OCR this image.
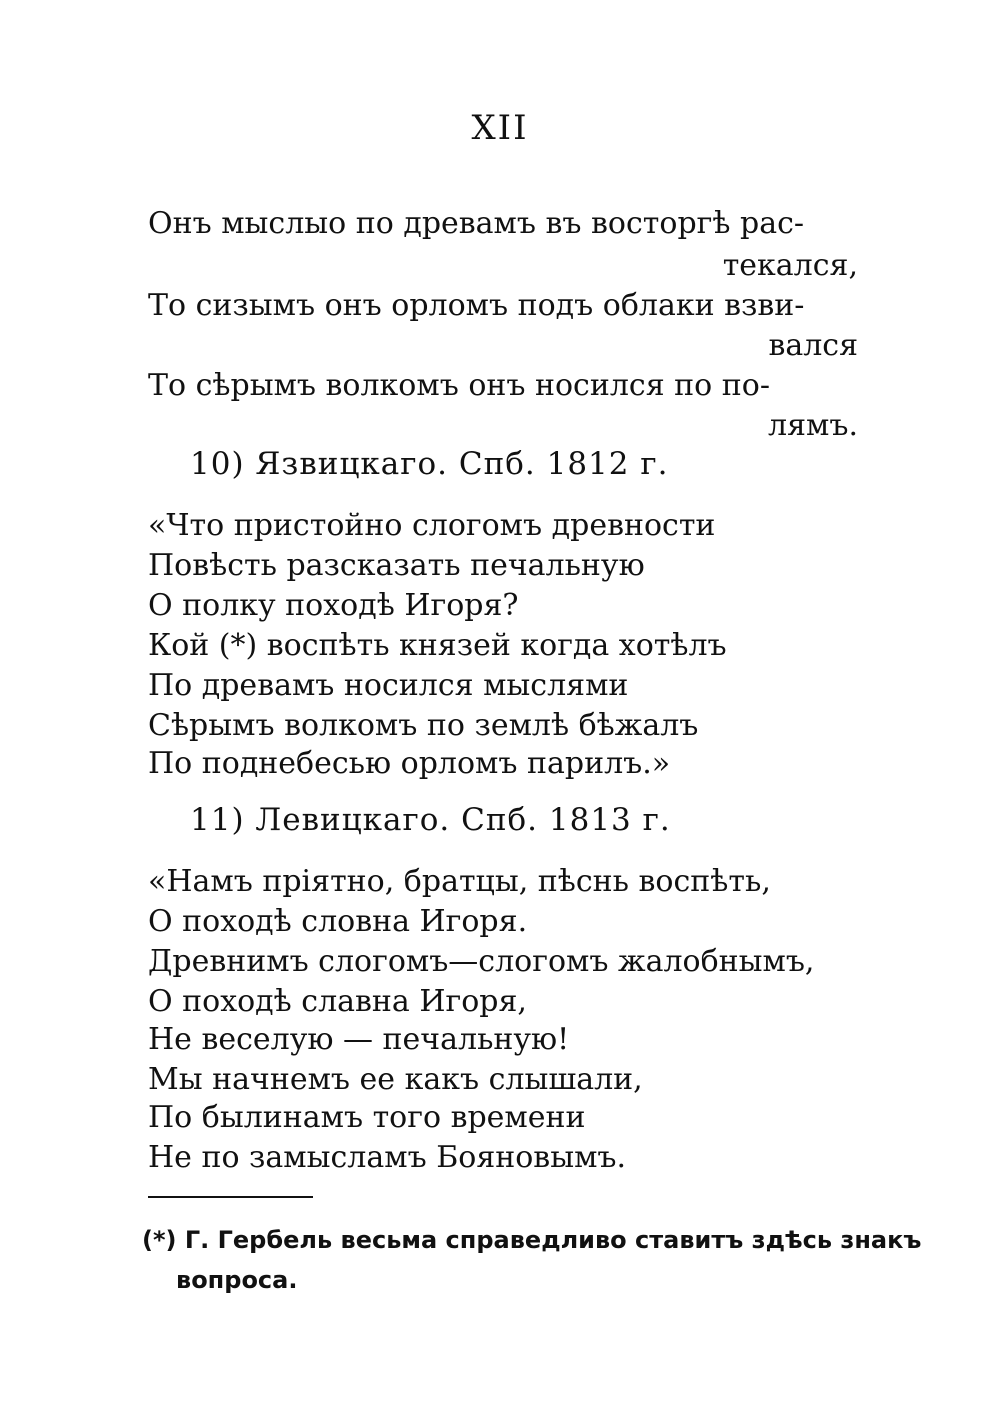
XII
Онъ мыслыо по древамъ въ восторгѣ рас-
текался,
То сизымъ онъ орломъ подъ облаки взви-
вался
То сѣрымъ волкомъ онъ носился по по-
лямъ.
10) Язвицкаго. Спб. 1812 г.
«Что пристойно слогомъ древности
Повѣсть разсказать печальную
О полку походѣ Игоря?
Кой (*) воспѣть князей когда хотѣлъ
По древамъ носился мыслями
Сѣрымъ волкомъ по землѣ бѣжалъ
По поднебесью орломъ парилъ.»
11) Левицкаго. Спб. 1813 г.
«Намъ пріятно, братцы, пѣснь воспѣть,
О походѣ словна Игоря.
Древнимъ слогомъ—слогомъ жалобнымъ,
О походѣ славна Игоря,
Не веселую — печальную!
Мы начнемъ ее какъ слышали,
По былинамъ того времени
Не по замысламъ Бояновымъ.
(*) Г. Гербель весьма справедливо ставитъ здѣсь знакъ
вопроса.
